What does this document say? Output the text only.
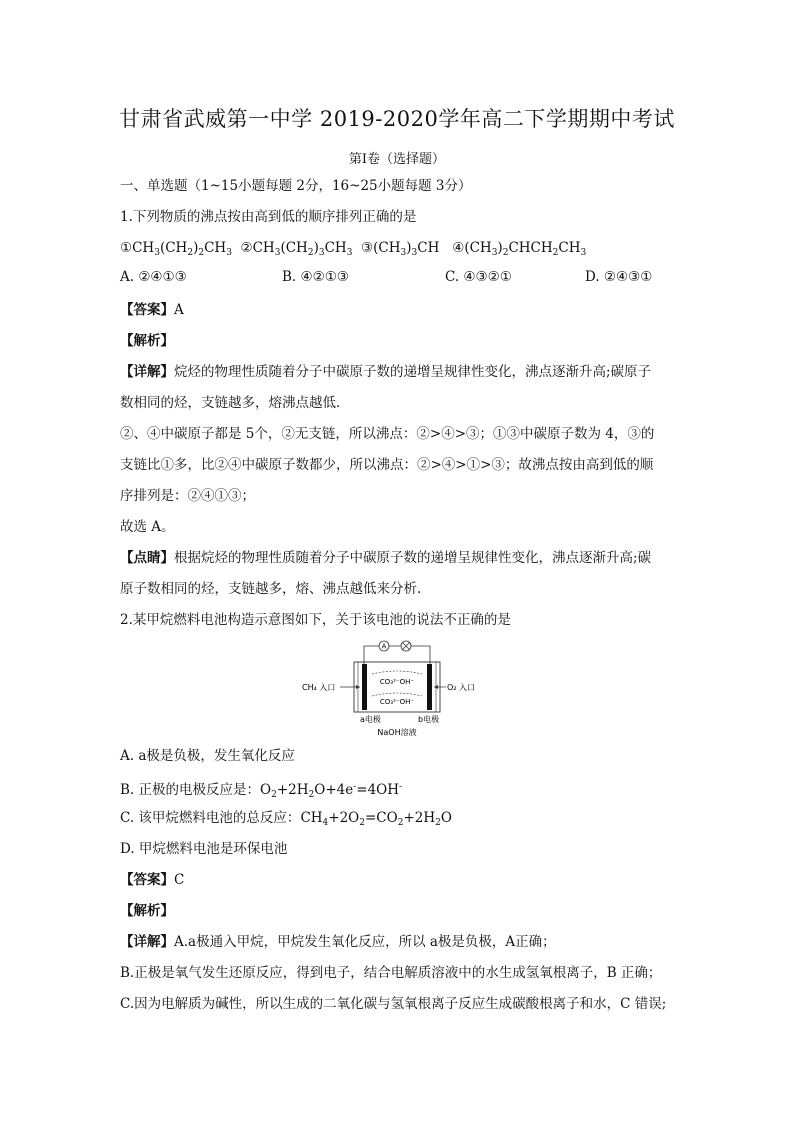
甘肃省武威第一中学 2019-2020学年高二下学期期中考试
第Ⅰ卷（选择题）
一、单选题（1~15小题每题 2分，16~25小题每题 3分）
1.下列物质的沸点按由高到低的顺序排列正确的是
$①CH_3(CH_2)_2CH_3$  $②CH_3(CH_2)_3CH_3$  $③(CH_3)_3CH$   $④(CH_3)_2CHCH_2CH_3$
A. ②④①③	B. ④②①③	C. ④③②①	D. ②④③①
【答案】A
【解析】
【详解】烷烃的物理性质随着分子中碳原子数的递增呈规律性变化，沸点逐渐升高;碳原子
数相同的烃，支链越多，熔沸点越低．
②、④中碳原子都是 5个，②无支链，所以沸点：②>④>③；①③中碳原子数为 4，③的
支链比①多，比②④中碳原子数都少，所以沸点：②>④>①>③；故沸点按由高到低的顺
序排列是：②④①③；
故选 A。
【点睛】根据烷烃的物理性质随着分子中碳原子数的递增呈规律性变化，沸点逐渐升高;碳
原子数相同的烃，支链越多，熔、沸点越低来分析.
2.某甲烷燃料电池构造示意图如下，关于该电池的说法不正确的是
A
CO₃²⁻OH⁻
CO₃²⁻OH⁻
CH₄ 入口	O₂ 入口
a电极	b电极
NaOH溶液
A. a极是负极，发生氧化反应
B. 正极的电极反应是：$O_2+2H_2O+4e^-=4OH^-$
C. 该甲烷燃料电池的总反应：$CH_4+2O_2=CO_2+2H_2O$
D. 甲烷燃料电池是环保电池
【答案】C
【解析】
【详解】A.a极通入甲烷，甲烷发生氧化反应，所以 a极是负极，A正确；
B.正极是氧气发生还原反应，得到电子，结合电解质溶液中的水生成氢氧根离子，B 正确；
C.因为电解质为碱性，所以生成的二氧化碳与氢氧根离子反应生成碳酸根离子和水，C 错误;
